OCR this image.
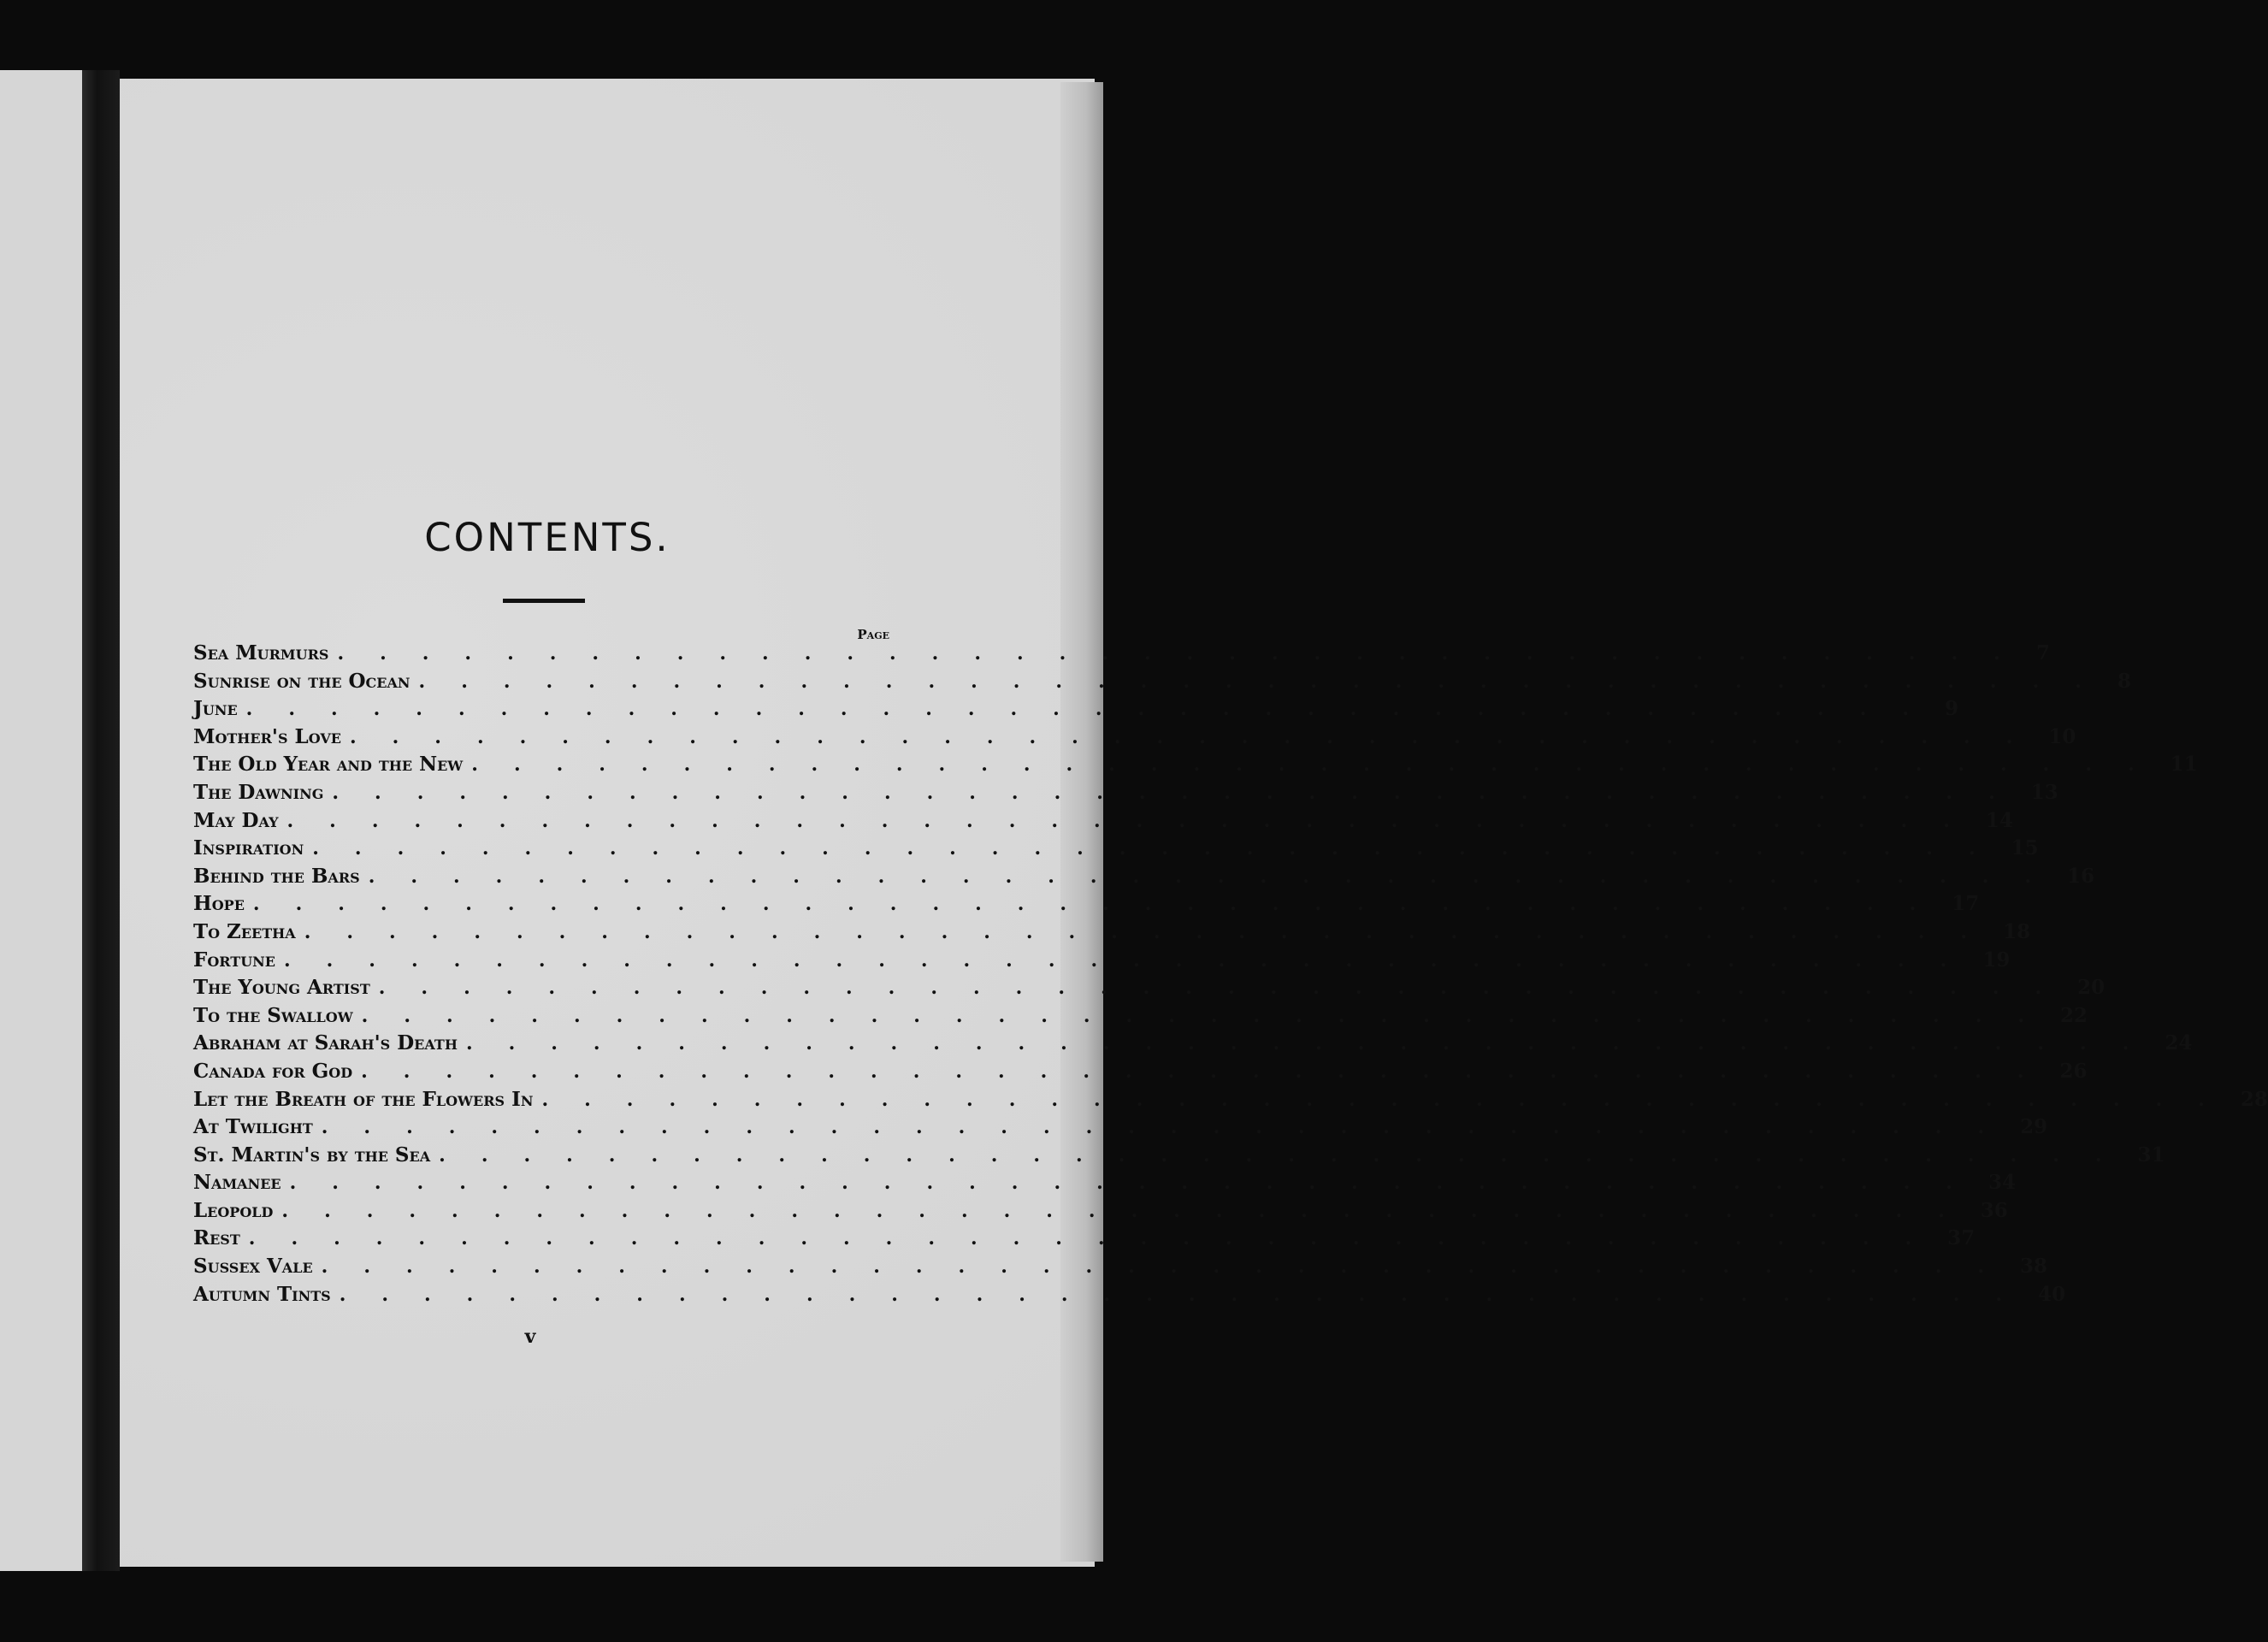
CONTENTS.
Page
Sea Murmurs ........................................ 7
Sunrise on the Ocean ........................................ 8
June ........................................ 9
Mother's Love ........................................ 10
The Old Year and the New ........................................ 11
The Dawning ........................................ 13
May Day ........................................ 14
Inspiration ........................................ 15
Behind the Bars ........................................ 16
Hope ........................................ 17
To Zeetha ........................................ 18
Fortune ........................................ 19
The Young Artist ........................................ 20
To the Swallow ........................................ 22
Abraham at Sarah's Death ........................................ 24
Canada for God ........................................ 26
Let the Breath of the Flowers In ........................................ 28
At Twilight ........................................ 29
St. Martin's by the Sea ........................................ 31
Namanee ........................................ 34
Leopold ........................................ 36
Rest ........................................ 37
Sussex Vale ........................................ 38
Autumn Tints ........................................ 40
v
